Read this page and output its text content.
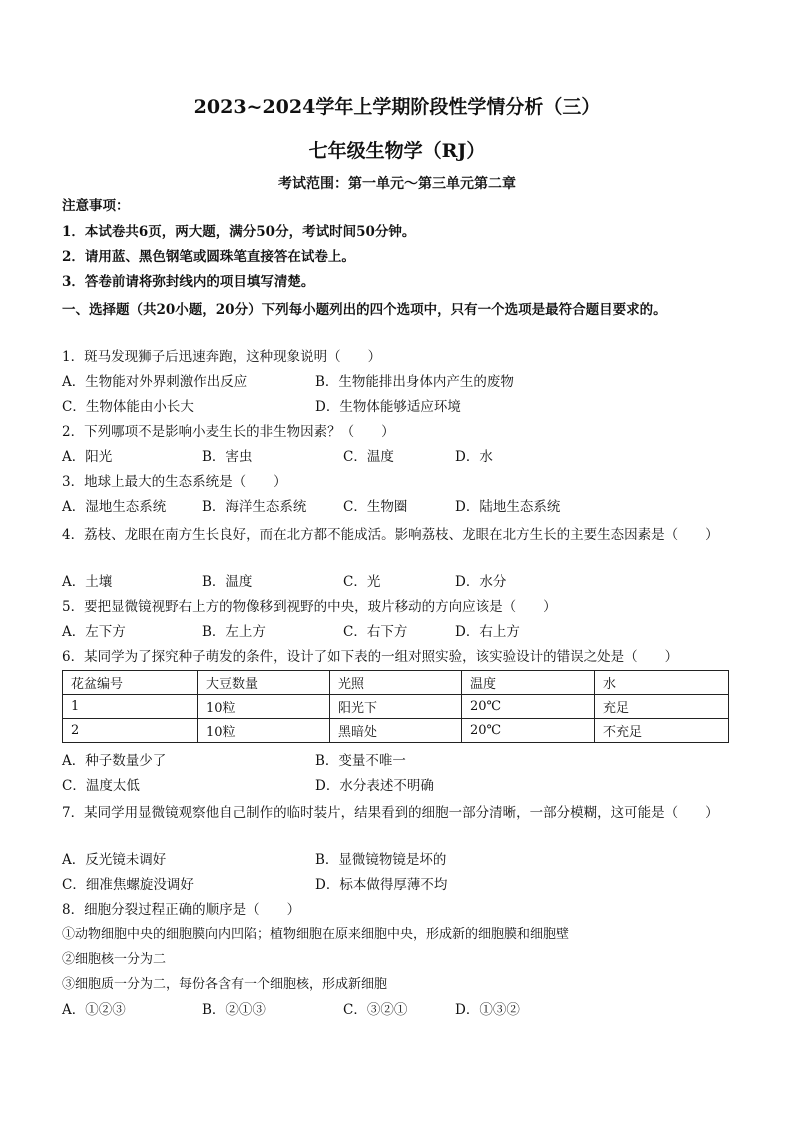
2023~2024学年上学期阶段性学情分析（三）
七年级生物学（RJ）
考试范围：第一单元～第三单元第二章
注意事项：
1．本试卷共6页，两大题，满分50分，考试时间50分钟。
2．请用蓝、黑色钢笔或圆珠笔直接答在试卷上。
3．答卷前请将弥封线内的项目填写清楚。
一、选择题（共20小题，20分）下列每小题列出的四个选项中，只有一个选项是最符合题目要求的。
1．斑马发现狮子后迅速奔跑，这种现象说明（　　）
A．生物能对外界刺激作出反应	B．生物能排出身体内产生的废物
C．生物体能由小长大	D．生物体能够适应环境
2．下列哪项不是影响小麦生长的非生物因素？（　　）
A．阳光	B．害虫	C．温度	D．水
3．地球上最大的生态系统是（　　）
A．湿地生态系统	B．海洋生态系统	C．生物圈	D．陆地生态系统
4．荔枝、龙眼在南方生长良好，而在北方都不能成活。影响荔枝、龙眼在北方生长的主要生态因素是（　　）
A．土壤	B．温度	C．光	D．水分
5．要把显微镜视野右上方的物像移到视野的中央，玻片移动的方向应该是（　　）
A．左下方	B．左上方	C．右下方	D．右上方
6．某同学为了探究种子萌发的条件，设计了如下表的一组对照实验，该实验设计的错误之处是（　　）
花盆编号	大豆数量	光照	温度	水
1	10粒	阳光下	20℃	充足
2	10粒	黑暗处	20℃	不充足
A．种子数量少了	B．变量不唯一
C．温度太低	D．水分表述不明确
7．某同学用显微镜观察他自己制作的临时装片，结果看到的细胞一部分清晰，一部分模糊，这可能是（　　）
A．反光镜未调好	B．显微镜物镜是坏的
C．细准焦螺旋没调好	D．标本做得厚薄不均
8．细胞分裂过程正确的顺序是（　　）
①动物细胞中央的细胞膜向内凹陷；植物细胞在原来细胞中央，形成新的细胞膜和细胞壁
②细胞核一分为二
③细胞质一分为二，每份各含有一个细胞核，形成新细胞
A．①②③	B．②①③	C．③②①	D．①③②
